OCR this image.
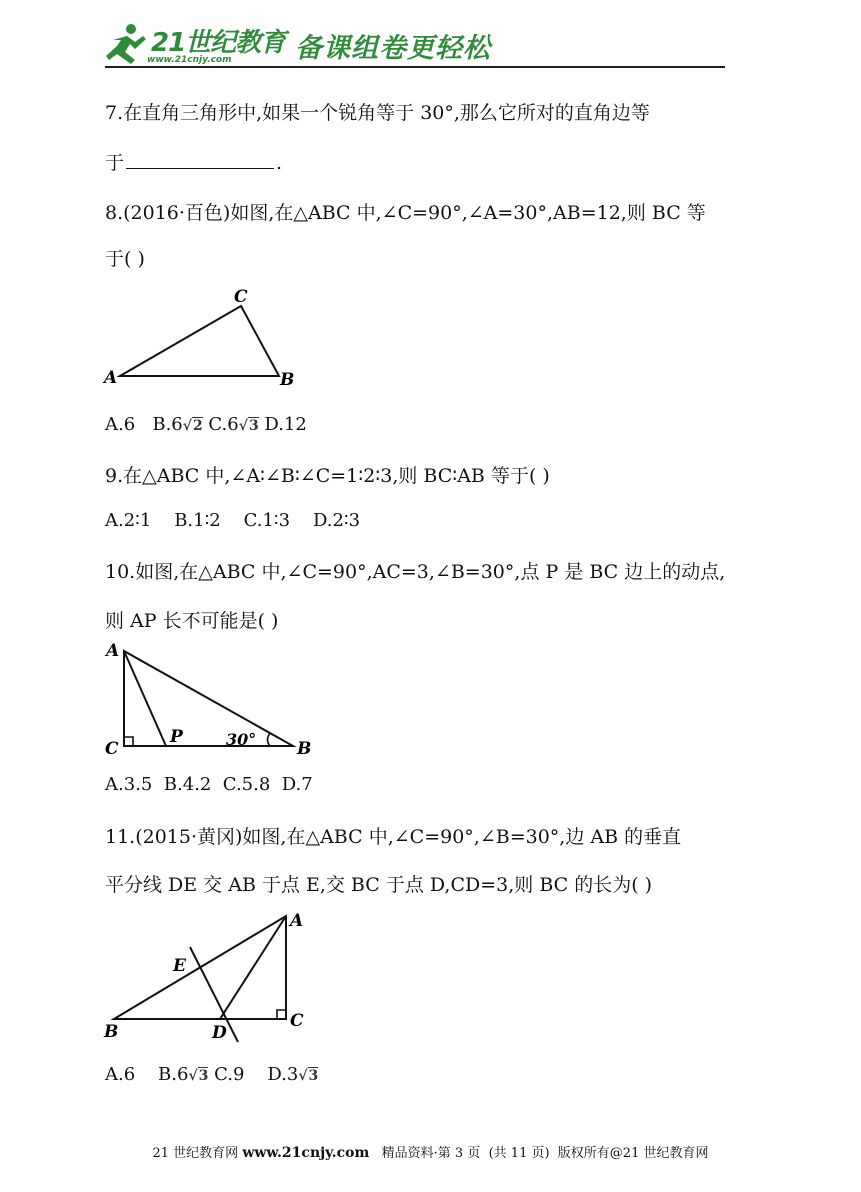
21世纪教育
www.21cnjy.com 备课组卷更轻松
7.在直角三角形中,如果一个锐角等于 30°,那么它所对的直角边等
于	.
8.(2016·百色)如图,在△ABC 中,∠C=90°,∠A=30°,AB=12,则 BC 等
于( )
C
A	B
A.6   B.6√2 C.6√3 D.12
9.在△ABC 中,∠A∶∠B∶∠C=1∶2∶3,则 BC∶AB 等于( )
A.2∶1    B.1∶2    C.1∶3    D.2∶3
10.如图,在△ABC 中,∠C=90°,AC=3,∠B=30°,点 P 是 BC 边上的动点,
则 AP 长不可能是( )
A
C
P	30° B
A.3.5  B.4.2  C.5.8  D.7
11.(2015·黄冈)如图,在△ABC 中,∠C=90°,∠B=30°,边 AB 的垂直
平分线 DE 交 AB 于点 E,交 BC 于点 D,CD=3,则 BC 的长为( )
A
E
B	D
C
A.6    B.6√3 C.9    D.3√3
21 世纪教育网 www.21cnjy.com   精品资料·第 3 页  (共 11 页)  版权所有@21 世纪教育网
